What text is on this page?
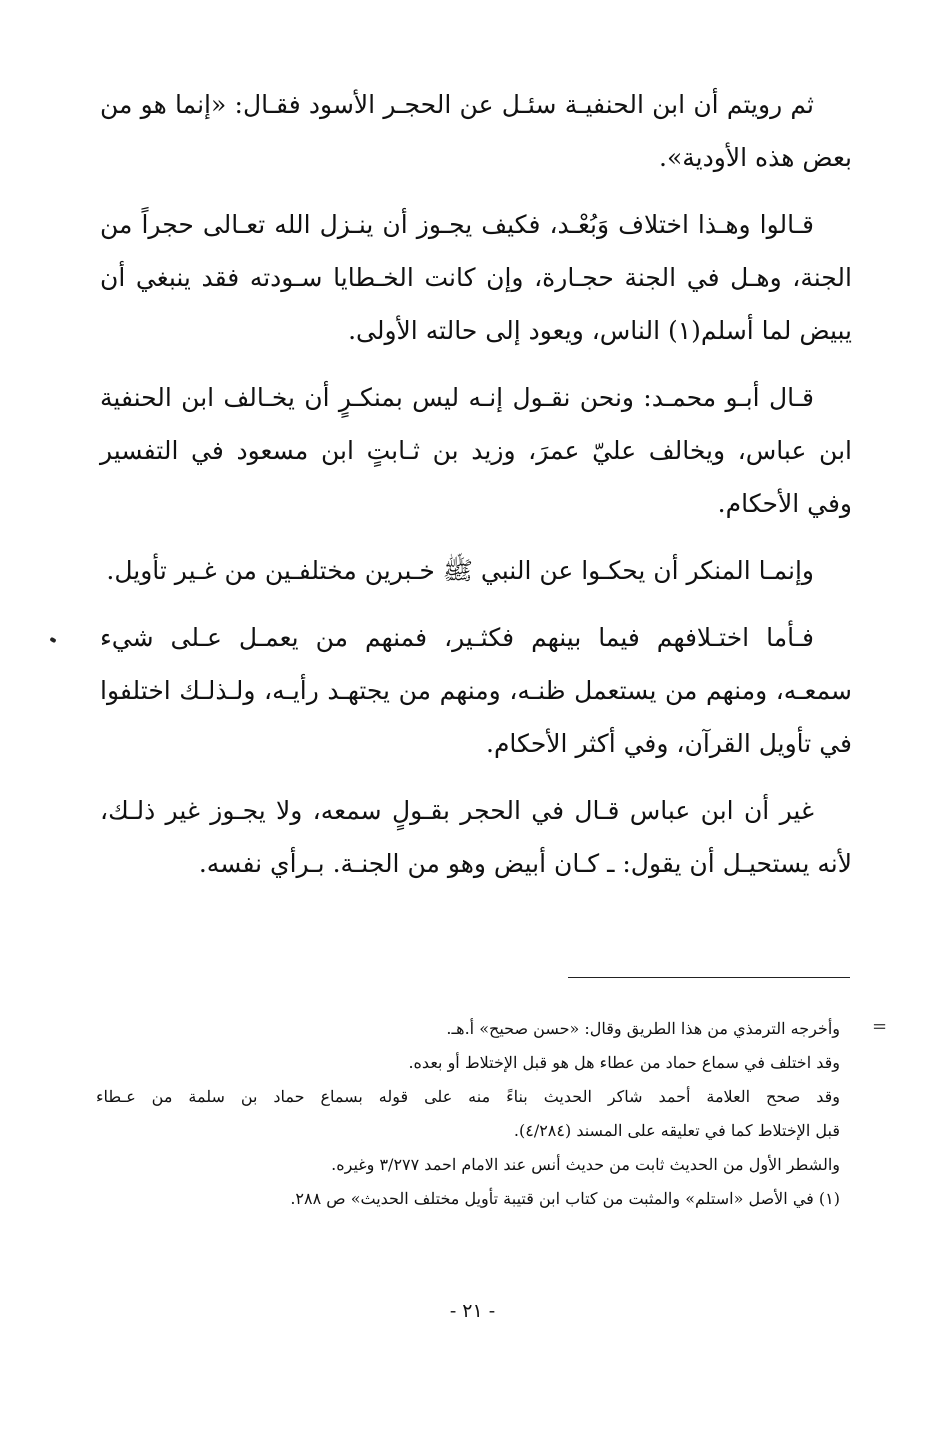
ثم رويتم أن ابن الحنفيـة سئـل عن الحجـر الأسود فقـال: «إنما هو من بعض هذه الأودية».

قـالوا وهـذا اختلاف وَبُعْـد، فكيف يجـوز أن ينـزل الله تعـالى حجراً من الجنة، وهـل في الجنة حجـارة، وإن كانت الخـطايا سـودته فقد ينبغي أن يبيض لما أسلم(١) الناس، ويعود إلى حالته الأولى.

قـال أبـو محمـد: ونحن نقـول إنـه ليس بمنكـرٍ أن يخـالف ابن الحنفية ابن عباس، ويخالف عليّ عمرَ، وزيد بن ثـابتٍ ابن مسعود في التفسير وفي الأحكام.

وإنمـا المنكر أن يحكـوا عن النبي ﷺ خـبرين مختلفـين من غـير تأويل.

فـأما اختـلافهم فيما بينهم فكثـير، فمنهم من يعمـل عـلى شيء سمعـه، ومنهم من يستعمل ظنـه، ومنهم من يجتهـد رأيـه، ولـذلـك اختلفوا في تأويل القرآن، وفي أكثر الأحكام.

غير أن ابن عباس قـال في الحجر بقـولٍ سمعه، ولا يجـوز غير ذلـك، لأنه يستحيـل أن يقول: ـ كـان أبيض وهو من الجنـة. بـرأي نفسه.

=

وأخرجه الترمذي من هذا الطريق وقال: «حسن صحيح» أ.هـ.

وقد اختلف في سماع حماد من عطاء هل هو قبل الإختلاط أو بعده.

وقد صحح العلامة أحمد شاكر الحديث بناءً منه على قوله بسماع حماد بن سلمة من عـطاء

قبل الإختلاط كما في تعليقه على المسند (٤/٢٨٤).

والشطر الأول من الحديث ثابت من حديث أنس عند الامام احمد ٣/٢٧٧ وغيره.

(١) في الأصل «استلم» والمثبت من كتاب ابن قتيبة تأويل مختلف الحديث» ص ٢٨٨.

- ٢١ -
